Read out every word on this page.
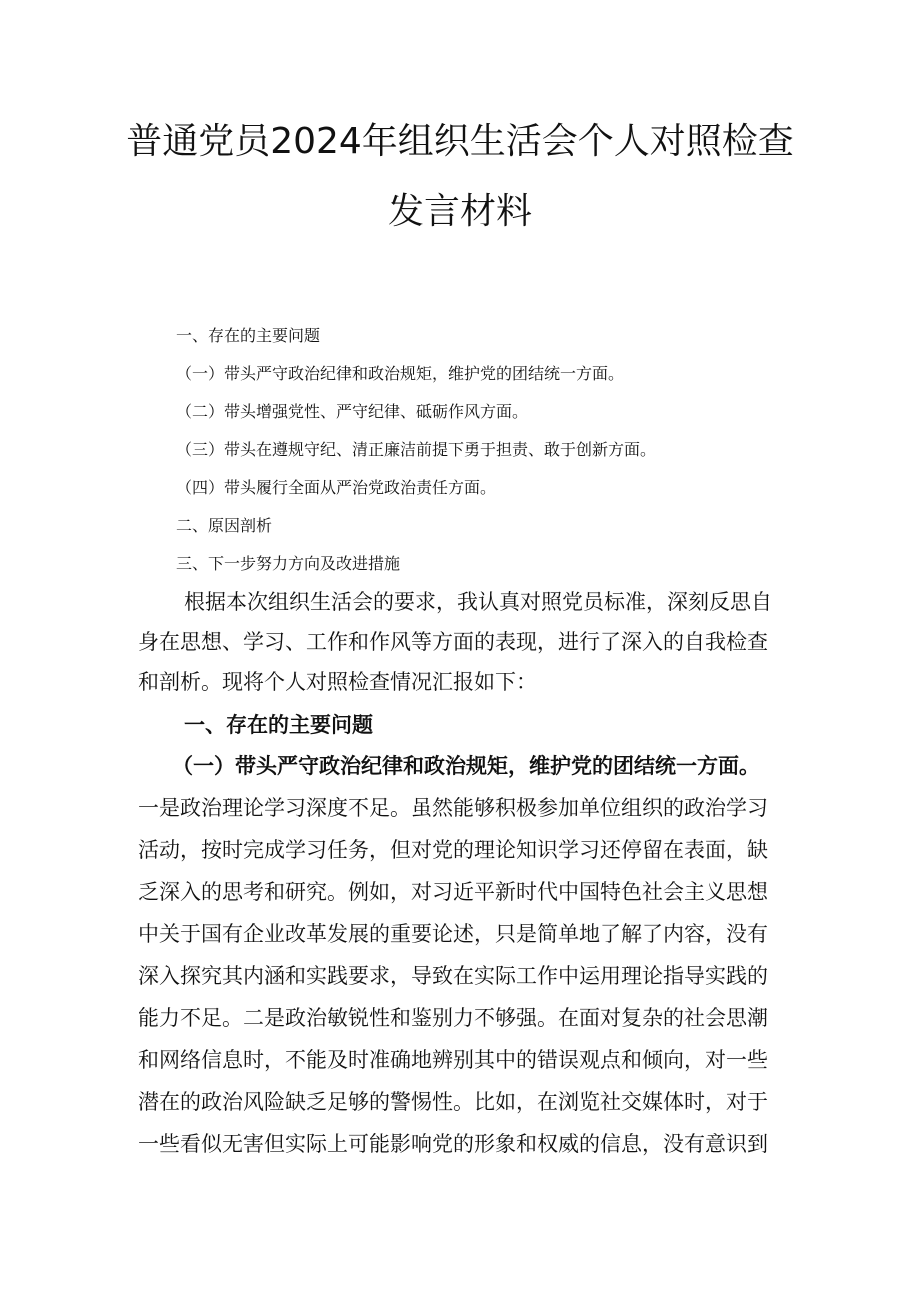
普通党员2024年组织生活会个人对照检查
发言材料
一、存在的主要问题
（一）带头严守政治纪律和政治规矩，维护党的团结统一方面。
（二）带头增强党性、严守纪律、砥砺作风方面。
（三）带头在遵规守纪、清正廉洁前提下勇于担责、敢于创新方面。
（四）带头履行全面从严治党政治责任方面。
二、原因剖析
三、下一步努力方向及改进措施
根据本次组织生活会的要求，我认真对照党员标准，深刻反思自
身在思想、学习、工作和作风等方面的表现，进行了深入的自我检查
和剖析。现将个人对照检查情况汇报如下：
一、存在的主要问题
（一）带头严守政治纪律和政治规矩，维护党的团结统一方面。
一是政治理论学习深度不足。虽然能够积极参加单位组织的政治学习
活动，按时完成学习任务，但对党的理论知识学习还停留在表面，缺
乏深入的思考和研究。例如，对习近平新时代中国特色社会主义思想
中关于国有企业改革发展的重要论述，只是简单地了解了内容，没有
深入探究其内涵和实践要求，导致在实际工作中运用理论指导实践的
能力不足。二是政治敏锐性和鉴别力不够强。在面对复杂的社会思潮
和网络信息时，不能及时准确地辨别其中的错误观点和倾向，对一些
潜在的政治风险缺乏足够的警惕性。比如，在浏览社交媒体时，对于
一些看似无害但实际上可能影响党的形象和权威的信息，没有意识到
